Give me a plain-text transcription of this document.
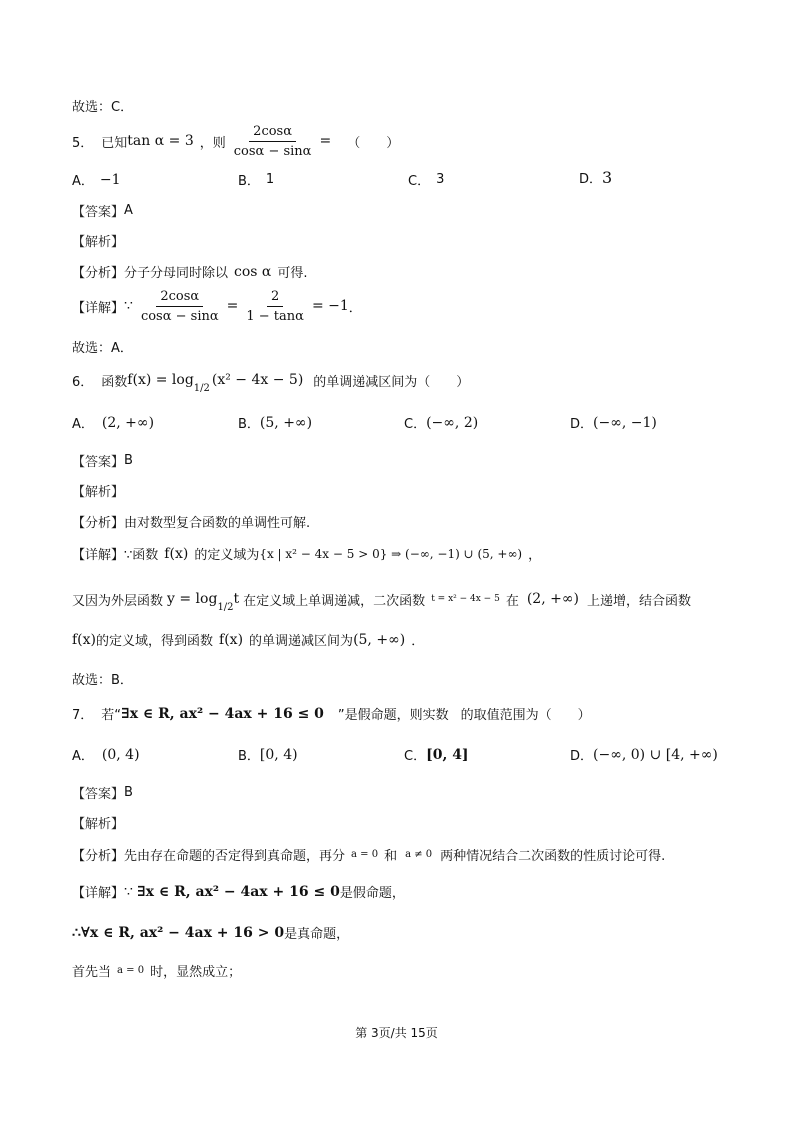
故选：C．
5． 已知 tan α = 3 ，则 $\frac{2\cos\alpha}{\cos\alpha - \sin\alpha}$ = （　　）
A． −1	B． 1	C． 3	D． 3
【答案】 A
【解析】
【分析】 分子分母同时除以 cos α 可得.
【详解】 ∵ $\frac{2\cos\alpha}{\cos\alpha - \sin\alpha} = \frac{2}{1 - \tan\alpha} = -1$ ．
故选：A．
6． 函数 f(x) = log 1/2 (x² − 4x − 5) 的单调递减区间为（　　）
A． (2, +∞)	B． (5, +∞)	C． (−∞, 2)	D． (−∞, −1)
【答案】 B
【解析】
【分析】 由对数型复合函数的单调性可解.
【详解】 ∵函数 f(x) 的定义域为 {x | x² − 4x − 5 > 0} ⇒ (−∞, −1) ∪ (5, +∞) ，
又因为外层函数 y = log 1/2 t 在定义域上单调递减，二次函数 t = x² − 4x − 5 在 (2, +∞) 上递增，结合函数
f(x) 的定义域，得到函数 f(x) 的单调递减区间为 (5, +∞) ．
故选：B．
7． 若“ ∃x ∈ R, ax² − 4ax + 16 ≤ 0 ”是假命题，则实数 的取值范围为（　　）
A． (0, 4)	B． [0, 4)	C． [0, 4]	D． (−∞, 0) ∪ [4, +∞)
【答案】 B
【解析】
【分析】 先由存在命题的否定得到真命题，再分 a = 0 和 a ≠ 0 两种情况结合二次函数的性质讨论可得.
【详解】 ∵ ∃x ∈ R, ax² − 4ax + 16 ≤ 0 是假命题，
∴∀x ∈ R, ax² − 4ax + 16 > 0 是真命题，
首先当 a = 0 时，显然成立；
第 3页/共 15页
